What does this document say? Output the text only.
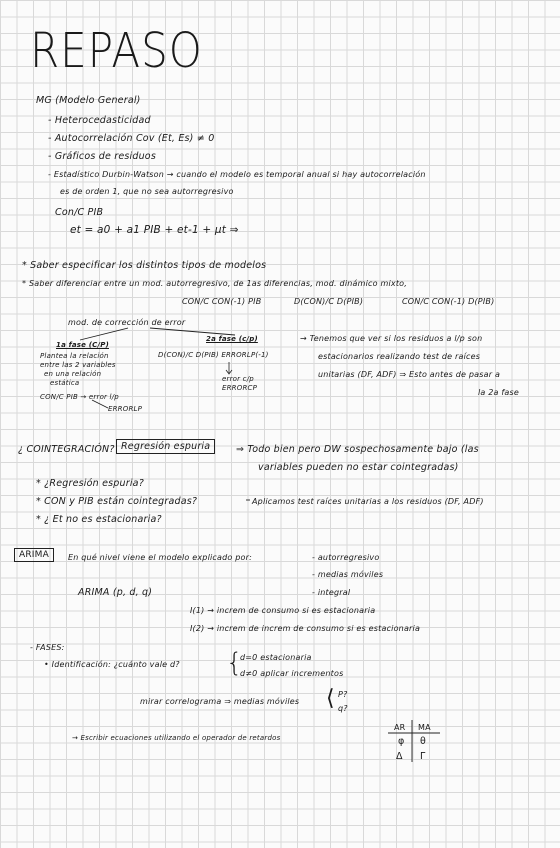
REPASO
MG (Modelo General)
- Heterocedasticidad
- Autocorrelación Cov (Et, Es) ≠ 0
- Gráficos de residuos
- Estadístico Durbin-Watson → cuando el modelo es temporal anual si hay autocorrelación
es de orden 1, que no sea autorregresivo
Con/C PIB
et = a0 + a1 PIB + et-1 + μt ⇒
* Saber especificar los distintos tipos de modelos
* Saber diferenciar entre un mod. autorregresivo, de 1as diferencias, mod. dinámico mixto,
CON/C CON(-1) PIB	D(CON)/C D(PIB)	CON/C CON(-1) D(PIB)
mod. de corrección de error
1a fase (C/P)
Plantea la relación
entre las 2 variables
en una relación
estática
CON/C PIB → error l/p
ERRORLP
2a fase (c/p)
D(CON)/C D(PIB) ERRORLP(-1)
error c/p
ERRORCP
→ Tenemos que ver si los residuos a l/p son
estacionarios realizando test de raíces
unitarias (DF, ADF) ⇒ Esto antes de pasar a
la 2a fase
¿ COINTEGRACIÓN? Regresión espuria	⇒ Todo bien pero DW sospechosamente bajo (las
variables pueden no estar cointegradas)
* ¿Regresión espuria?
* CON y PIB están cointegradas?	Aplicamos test raíces unitarias a los residuos (DF, ADF)
* ¿ Et no es estacionaria?
ARIMA	En qué nivel viene el modelo explicado por:	- autorregresivo
- medias móviles
- integral
ARIMA (p, d, q)
I(1) → increm de consumo si es estacionaria
I(2) → increm de increm de consumo si es estacionaria
- FASES:
• Identificación: ¿cuánto vale d? {
d=0 estacionaria
d≠0 aplicar incrementos
mirar correlograma ⇒ medias móviles ⟨ P?
q?
→ Escribir ecuaciones utilizando el operador de retardos
AR MA
φ θ
Δ Γ
